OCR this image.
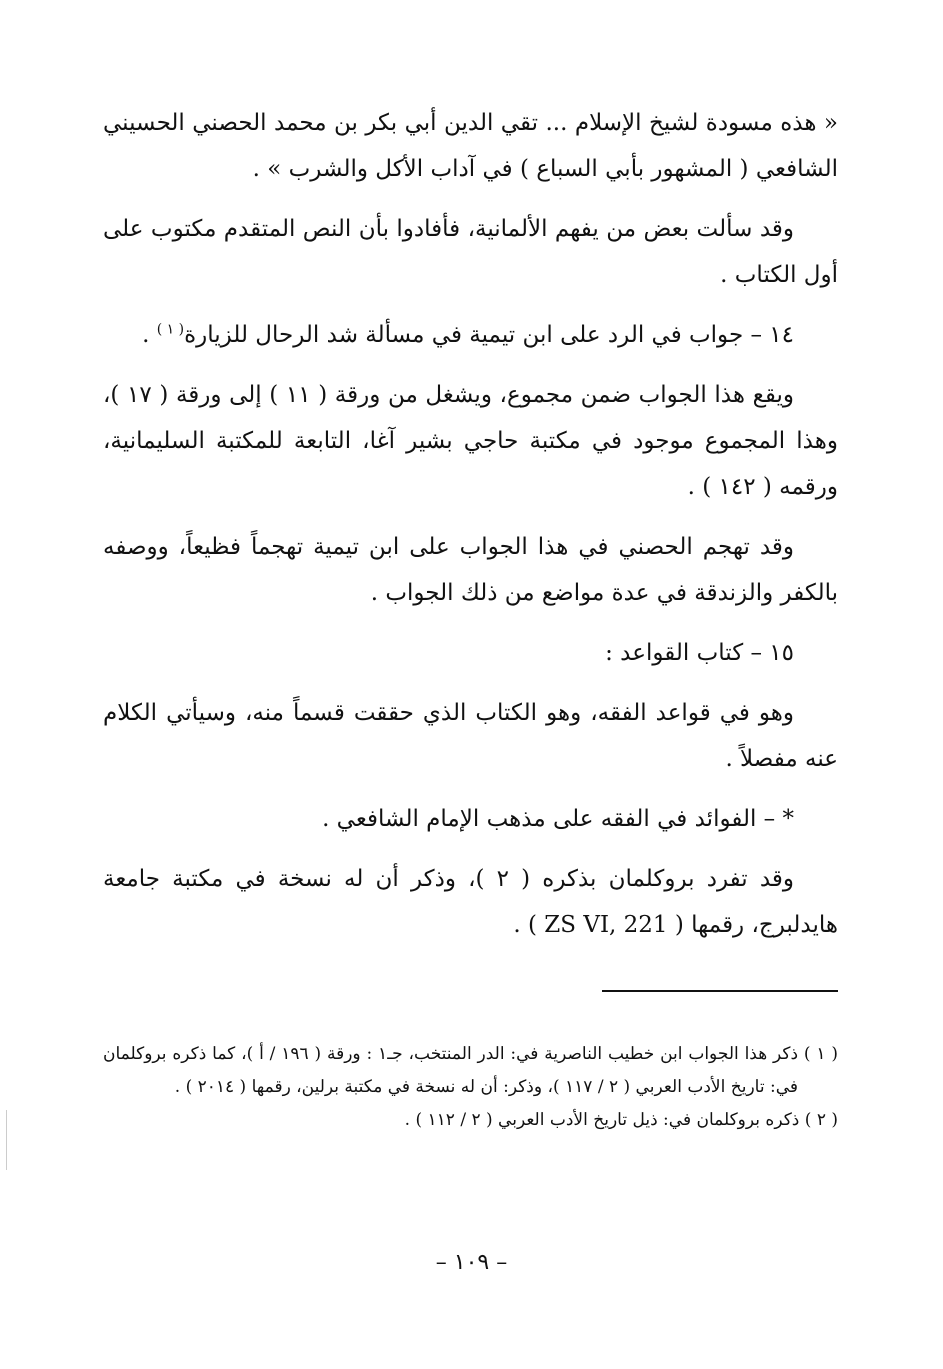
« هذه مسودة لشيخ الإسلام ... تقي الدين أبي بكر بن محمد الحصني الحسيني الشافعي ( المشهور بأبي السباع ) في آداب الأكل والشرب » .

وقد سألت بعض من يفهم الألمانية، فأفادوا بأن النص المتقدم مكتوب على أول الكتاب .

١٤ – جواب في الرد على ابن تيمية في مسألة شد الرحال للزيارة$^{( ١ )}$ .

ويقع هذا الجواب ضمن مجموع، ويشغل من ورقة ( ١١ ) إلى ورقة ( ١٧ )، وهذا المجموع موجود في مكتبة حاجي بشير آغا، التابعة للمكتبة السليمانية، ورقمه ( ١٤٢ ) .

وقد تهجم الحصني في هذا الجواب على ابن تيمية تهجماً فظيعاً، ووصفه بالكفر والزندقة في عدة مواضع من ذلك الجواب .

١٥ – كتاب القواعد :

وهو في قواعد الفقه، وهو الكتاب الذي حققت قسماً منه، وسيأتي الكلام عنه مفصلاً .

* – الفوائد في الفقه على مذهب الإمام الشافعي .

وقد تفرد بروكلمان بذكره ( ٢ )، وذكر أن له نسخة في مكتبة جامعة هايدلبرج، رقمها ( ZS VI, 221 ) .

( ١ ) ذكر هذا الجواب ابن خطيب الناصرية في: الدر المنتخب، جـ١ : ورقة ( ١٩٦ / أ )، كما ذكره بروكلمان في: تاريخ الأدب العربي ( ٢ / ١١٧ )، وذكر: أن له نسخة في مكتبة برلين، رقمها ( ٢٠١٤ ) .

( ٢ ) ذكره بروكلمان في: ذيل تاريخ الأدب العربي ( ٢ / ١١٢ ) .

– ١٠٩ –
